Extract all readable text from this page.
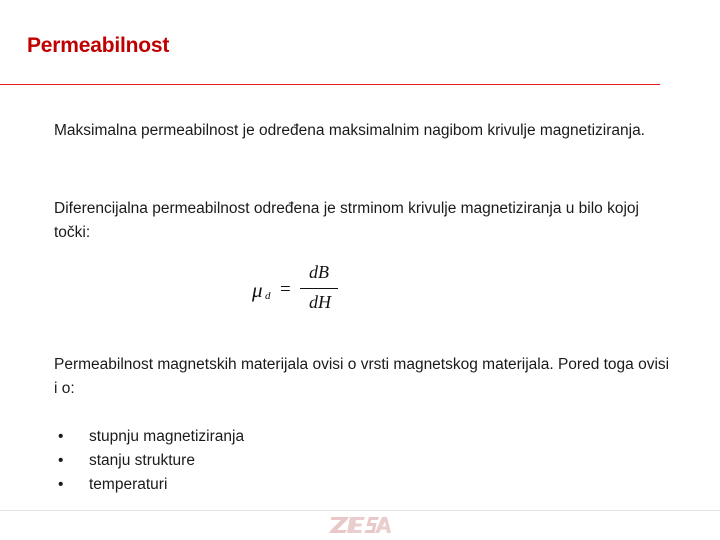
Permeabilnost

Maksimalna permeabilnost je određena maksimalnim nagibom krivulje magnetiziranja.

Diferencijalna permeabilnost određena je strminom krivulje magnetiziranja u bilo kojoj točki:

μ d =
dB
dH

Permeabilnost magnetskih materijala ovisi o vrsti magnetskog materijala. Pored toga ovisi i o:

• stupnju magnetiziranja
• stanju strukture
• temperaturi
